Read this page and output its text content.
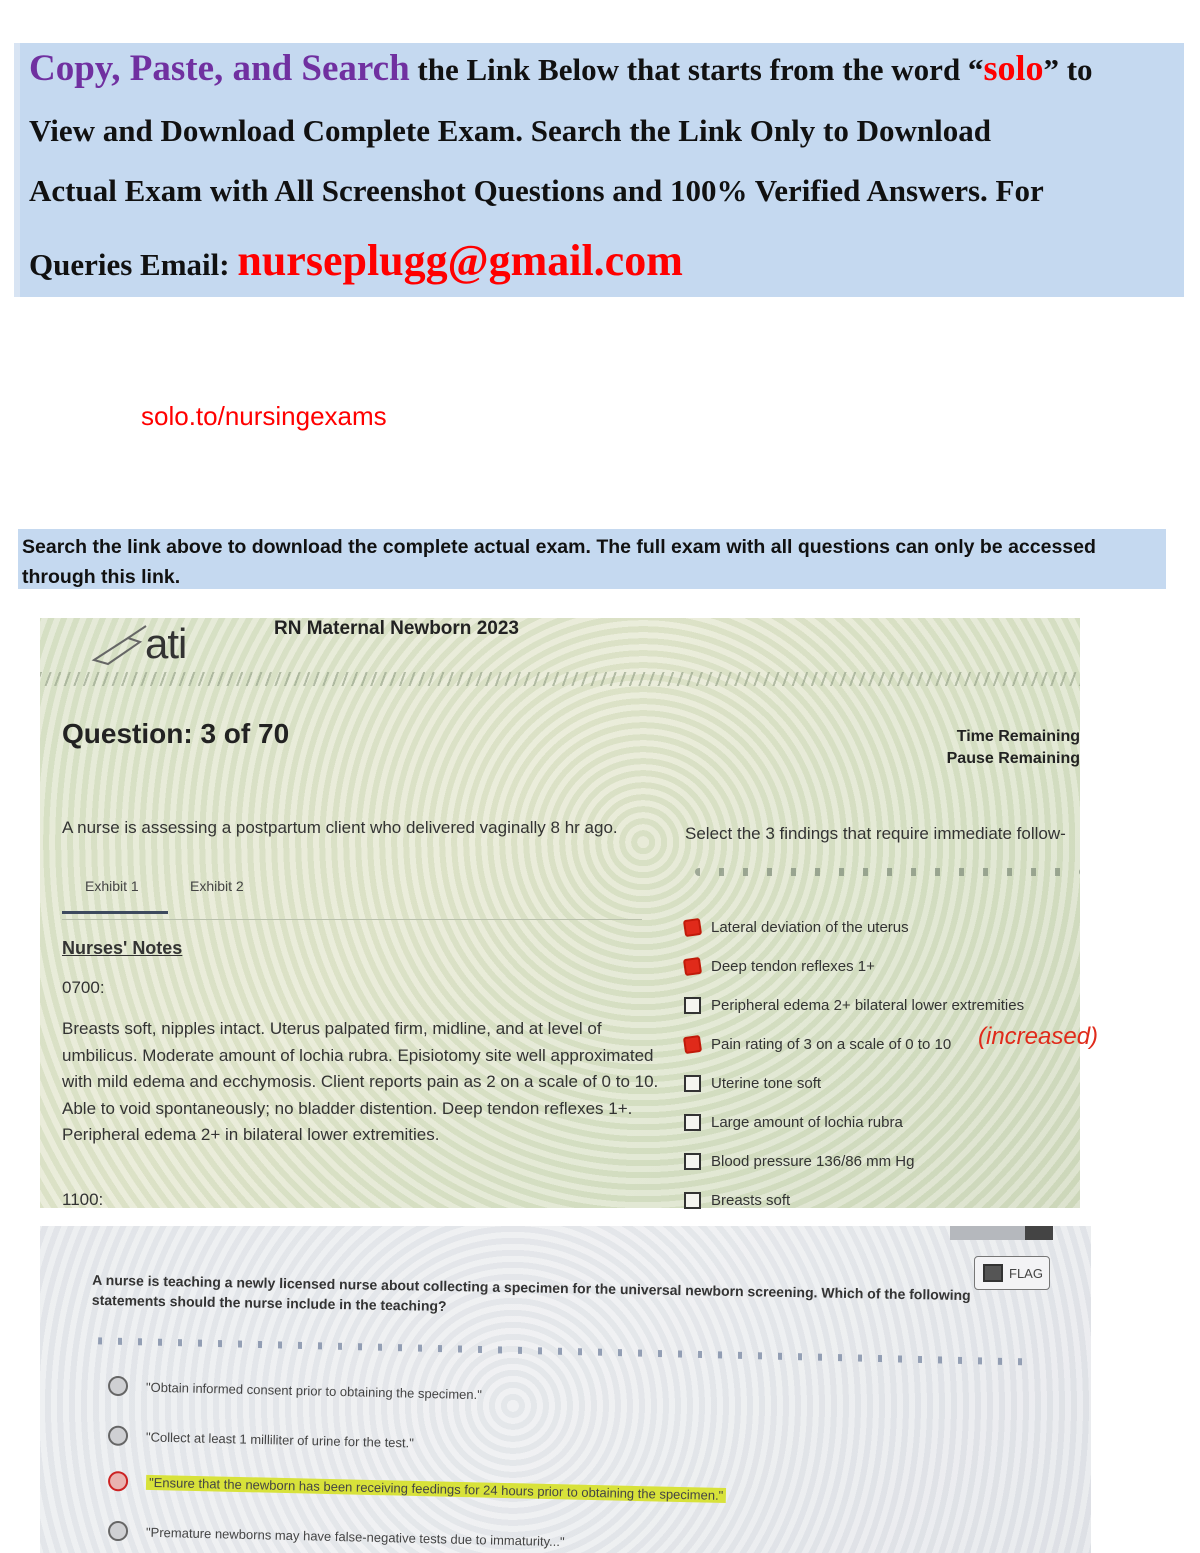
Copy, Paste, and Search the Link Below that starts from the word “solo” to
View and Download Complete Exam. Search the Link Only to Download
Actual Exam with All Screenshot Questions and 100% Verified Answers. For
Queries Email: nurseplugg@gmail.com
solo.to/nursingexams
Search the link above to download the complete actual exam. The full exam with all questions can only be accessed through this link.
ati	RN Maternal Newborn 2023
Question: 3 of 70	Time Remaining
Pause Remaining
A nurse is assessing a postpartum client who delivered vaginally 8 hr ago.	Select the 3 findings that require immediate follow-
Exhibit 1	Exhibit 2
Nurses' Notes
0700:
Breasts soft, nipples intact. Uterus palpated firm, midline, and at level of umbilicus. Moderate amount of lochia rubra. Episiotomy site well approximated with mild edema and ecchymosis. Client reports pain as 2 on a scale of 0 to 10. Able to void spontaneously; no bladder distention. Deep tendon reflexes 1+. Peripheral edema 2+ in bilateral lower extremities.
1100:
Lateral deviation of the uterus
Deep tendon reflexes 1+
Peripheral edema 2+ bilateral lower extremities
Pain rating of 3 on a scale of 0 to 10
Uterine tone soft
Large amount of lochia rubra
Blood pressure 136/86 mm Hg
Breasts soft
(increased)
FLAG
A nurse is teaching a newly licensed nurse about collecting a specimen for the universal newborn screening. Which of the following statements should the nurse include in the teaching?
"Obtain informed consent prior to obtaining the specimen."
"Collect at least 1 milliliter of urine for the test."
"Ensure that the newborn has been receiving feedings for 24 hours prior to obtaining the specimen."
"Premature newborns may have false-negative tests due to immaturity..."
